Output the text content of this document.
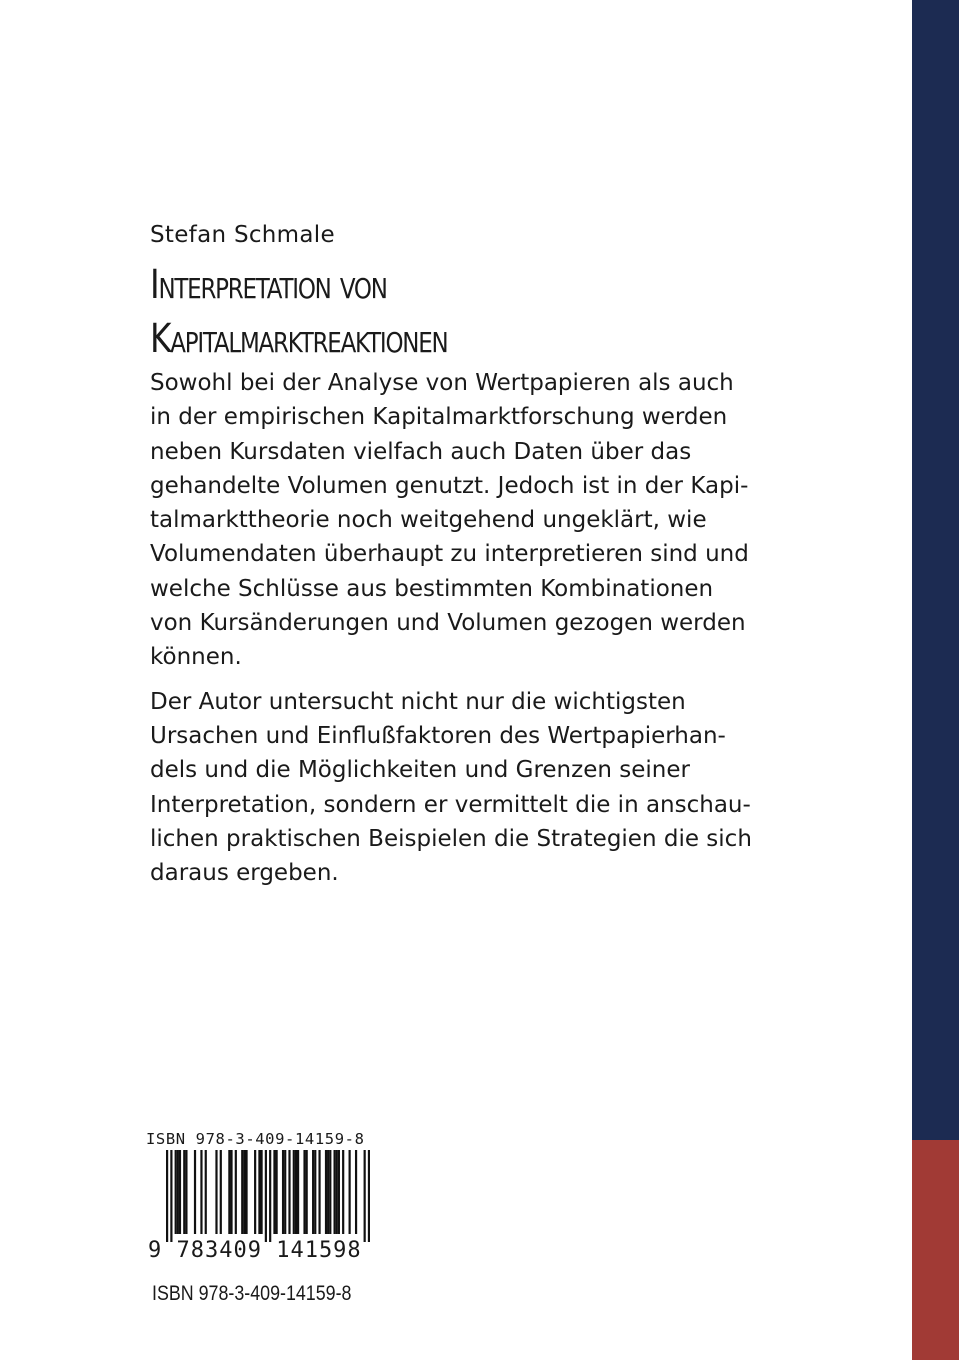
Stefan Schmale
Interpretation von
Kapitalmarktreaktionen

Sowohl bei der Analyse von Wertpapieren als auch
in der empirischen Kapitalmarktforschung werden
neben Kursdaten vielfach auch Daten über das
gehandelte Volumen genutzt. Jedoch ist in der Kapi-
talmarkttheorie noch weitgehend ungeklärt, wie
Volumendaten überhaupt zu interpretieren sind und
welche Schlüsse aus bestimmten Kombinationen
von Kursänderungen und Volumen gezogen werden
können.

Der Autor untersucht nicht nur die wichtigsten
Ursachen und Einflußfaktoren des Wertpapierhan-
dels und die Möglichkeiten und Grenzen seiner
Interpretation, sondern er vermittelt die in anschau-
lichen praktischen Beispielen die Strategien die sich
daraus ergeben.

ISBN 978-3-409-14159-8
9 783409 141598
ISBN 978-3-409-14159-8
